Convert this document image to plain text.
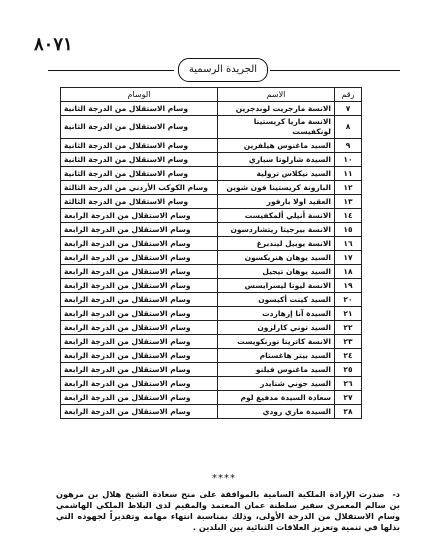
٨٠٧١
الجريدة الرسمية
رقم	الاسم	الوسام
٧	الانسة مارجريت لوندجرين	وسام الاستقلال من الدرجة الثانية
٨	الانسة ماريا كريستينا لونكفيست	وسام الاستقلال من الدرجة الثانية
٩	السيد ماغنوس هيلفرين	وسام الاستقلال من الدرجة الثانية
١٠	السيدة شارلوتا سباري	وسام الاستقلال من الدرجة الثانية
١١	السيد نيكلاس ترولية	وسام الاستقلال من الدرجة الثانية
١٢	البارونة كريستينا فون شوين	وسام الكوكب الأردني من الدرجة الثالثة
١٣	العقيد اولا بارفور	وسام الاستقلال من الدرجة الثالثة
١٤	الانسة أنيلي ألمكفيست	وسام الاستقلال من الدرجة الرابعة
١٥	الانسة بيرجيتا ريتشاردسون	وسام الاستقلال من الدرجة الرابعة
١٦	الانسة يوبيل ليندبرغ	وسام الاستقلال من الدرجة الرابعة
١٧	السيد يوهان هنريكسون	وسام الاستقلال من الدرجة الرابعة
١٨	السيد يوهان تيجيل	وسام الاستقلال من الدرجة الرابعة
١٩	الانسة ليوتا ليسرايسس	وسام الاستقلال من الدرجة الرابعة
٢٠	السيد كينت أكيسون	وسام الاستقلال من الدرجة الرابعة
٢١	السيدة آنا إرهاردت	وسام الاستقلال من الدرجة الرابعة
٢٢	السيد توني كارلزون	وسام الاستقلال من الدرجة الرابعة
٢٣	الانسة كاترينا تورنكويست	وسام الاستقلال من الدرجة الرابعة
٢٤	السيد بيتر هاغستام	وسام الاستقلال من الدرجة الرابعة
٢٥	السيد ماغنوس فيلنو	وسام الاستقلال من الدرجة الرابعة
٢٦	السيد جوني شنايدر	وسام الاستقلال من الدرجة الرابعة
٢٧	سعادة السيدة مدفيغ لوم	وسام الاستقلال من الدرجة الرابعة
٢٨	السيدة ماري رودي	وسام الاستقلال من الدرجة الرابعة
****
د- صدرت الإرادة الملكية السامية بالموافقة على منح سعادة الشيخ هلال بن مرهون بن سالم المعمري سفير سلطنة عمان المعتمد والمقيم لدى البلاط الملكي الهاشمي وسام الاستقلال من الدرجة الأولى، وذلك بمناسبة انتهاء مهامه وتقديراً لجهوده التي بذلها في تنمية وتعزيز العلاقات الثنائية بين البلدين .
